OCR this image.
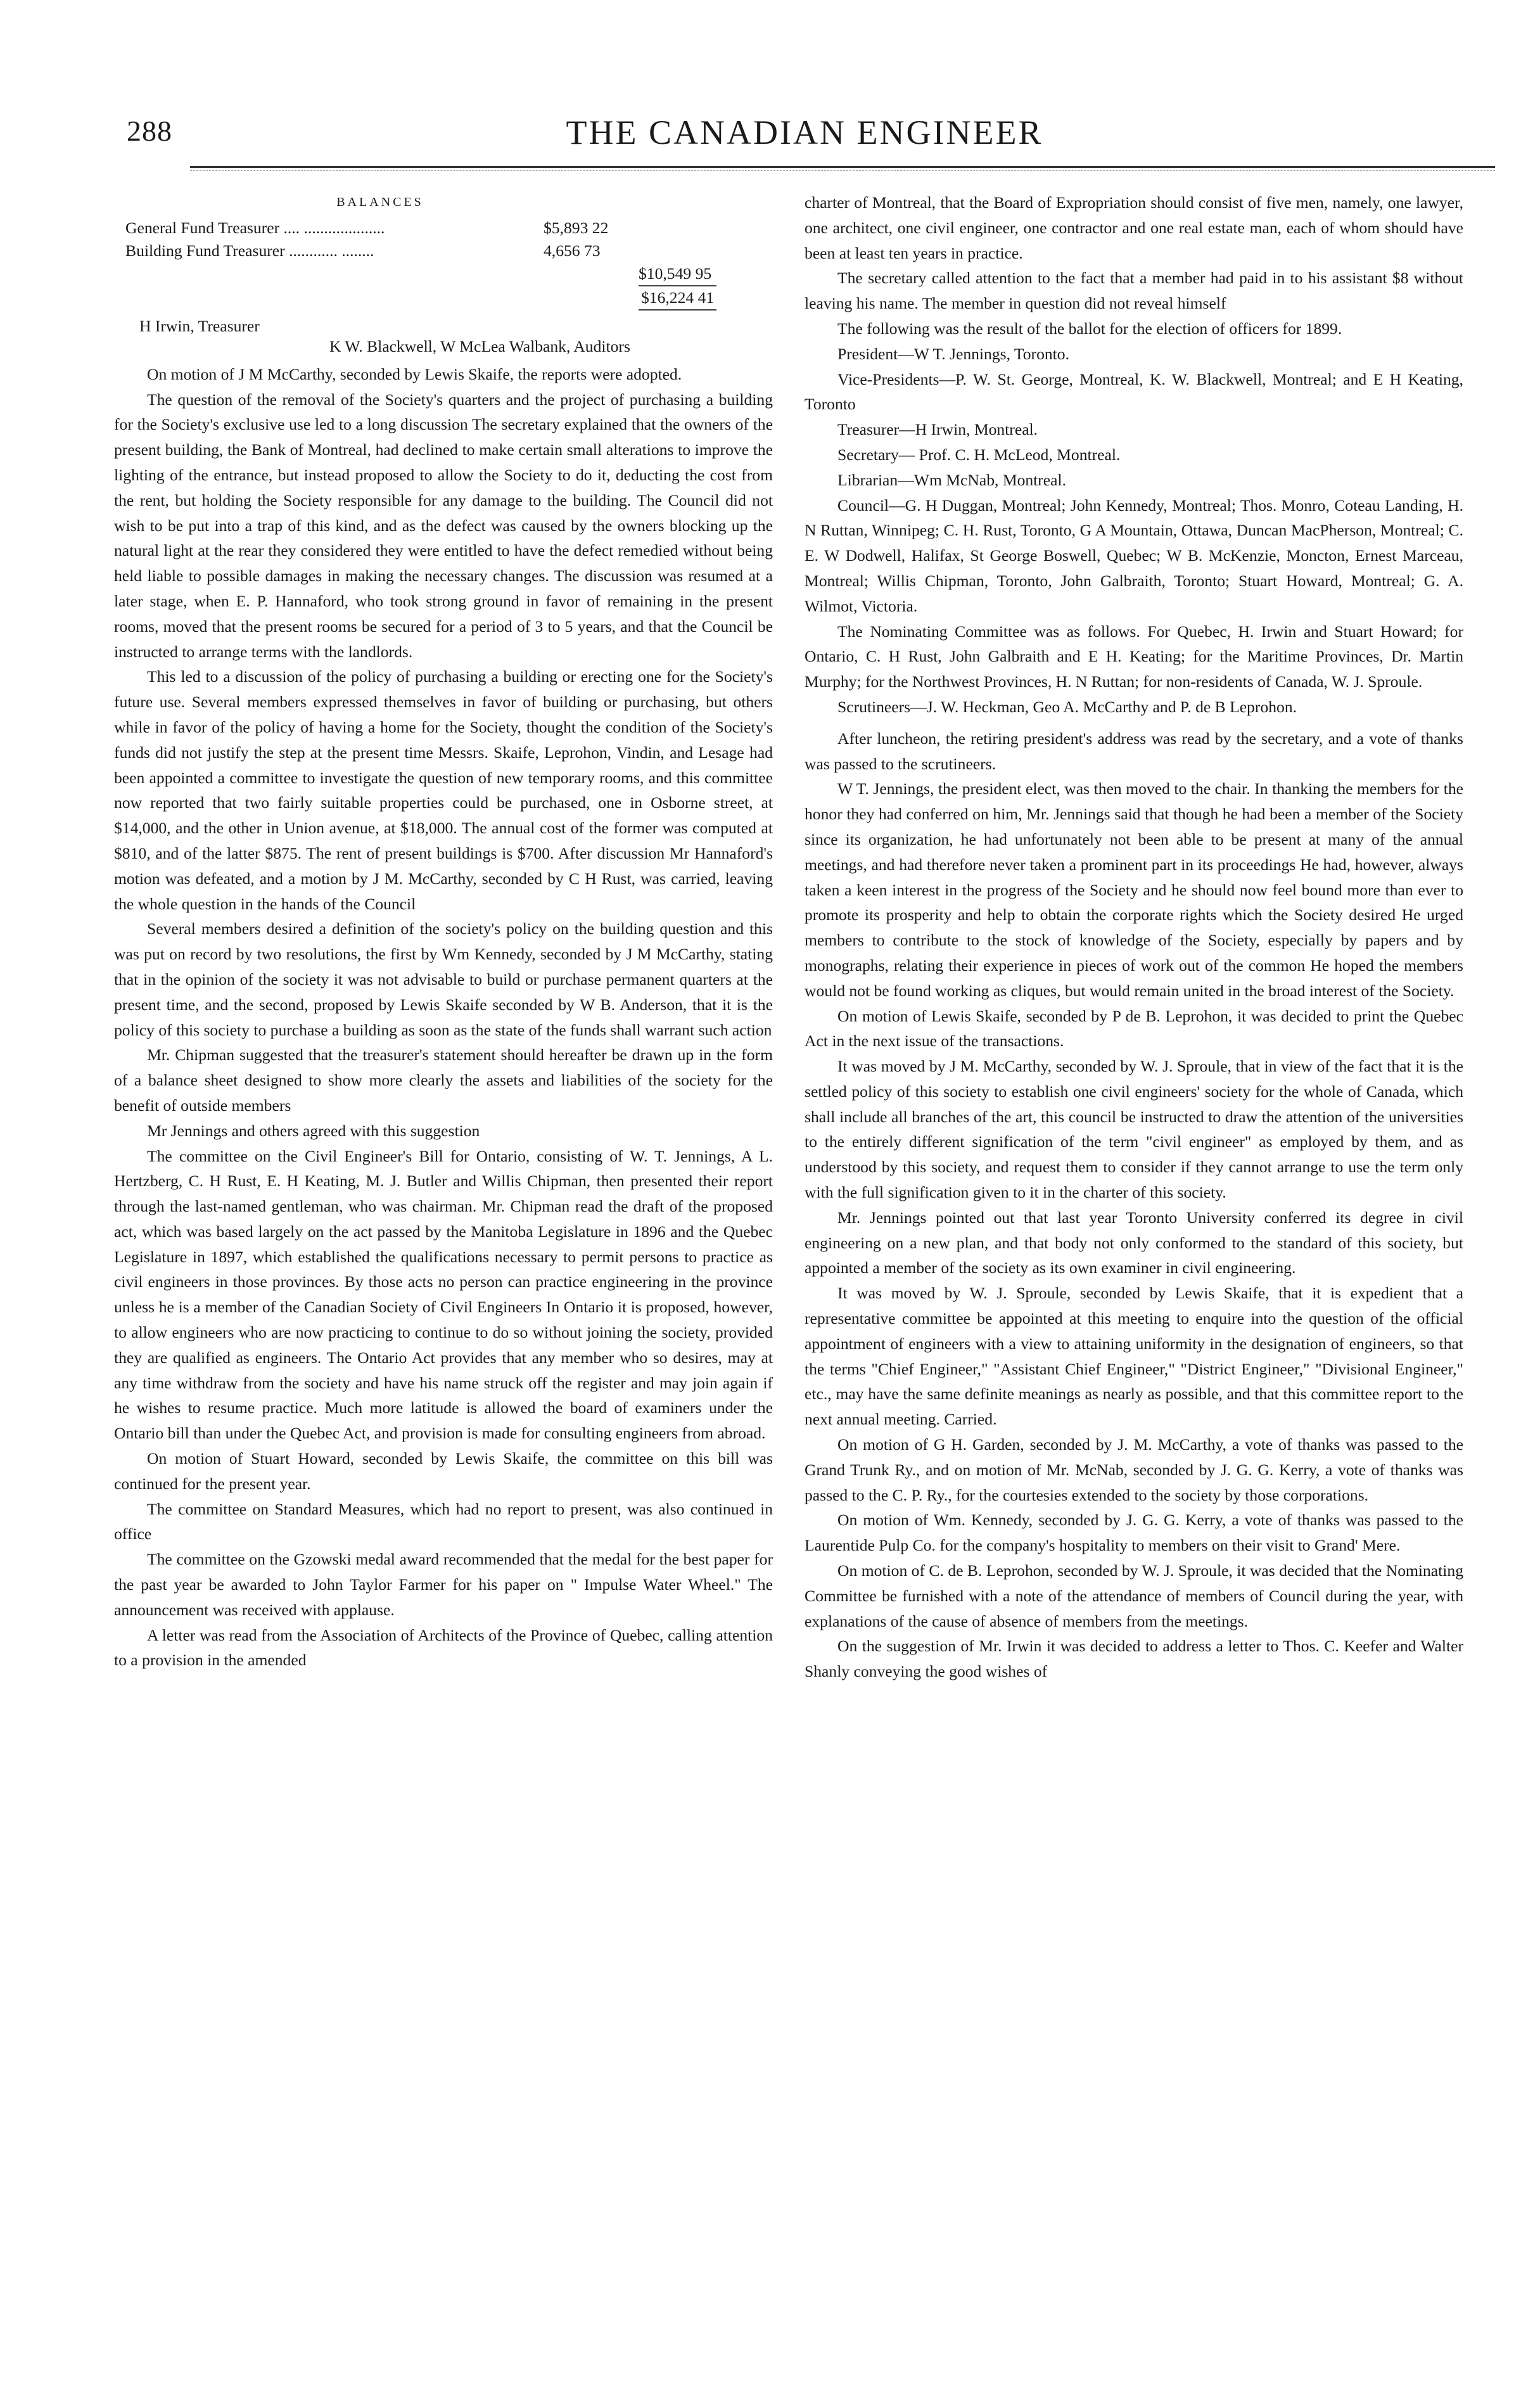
288	THE CANADIAN ENGINEER
BALANCES
General Fund Treasurer .... ....................	$5,893 22
Building Fund Treasurer ............ ........	4,656 73
$10,549 95
$16,224 41
H Irwin, Treasurer
K W. Blackwell, W McLea Walbank, Auditors

On motion of J M McCarthy, seconded by Lewis Skaife, the reports were adopted.

The question of the removal of the Society's quarters and the project of purchasing a building for the Society's exclusive use led to a long discussion The secretary explained that the owners of the present building, the Bank of Montreal, had declined to make certain small alterations to improve the lighting of the entrance, but instead proposed to allow the Society to do it, deducting the cost from the rent, but holding the Society responsible for any damage to the building. The Council did not wish to be put into a trap of this kind, and as the defect was caused by the owners blocking up the natural light at the rear they considered they were entitled to have the defect remedied without being held liable to possible damages in making the necessary changes. The discussion was resumed at a later stage, when E. P. Hannaford, who took strong ground in favor of remaining in the present rooms, moved that the present rooms be secured for a period of 3 to 5 years, and that the Council be instructed to arrange terms with the landlords.

This led to a discussion of the policy of purchasing a building or erecting one for the Society's future use. Several members expressed themselves in favor of building or purchasing, but others while in favor of the policy of having a home for the Society, thought the condition of the Society's funds did not justify the step at the present time Messrs. Skaife, Leprohon, Vindin, and Lesage had been appointed a committee to investigate the question of new temporary rooms, and this committee now reported that two fairly suitable properties could be purchased, one in Osborne street, at $14,000, and the other in Union avenue, at $18,000. The annual cost of the former was computed at $810, and of the latter $875. The rent of present buildings is $700. After discussion Mr Hannaford's motion was defeated, and a motion by J M. McCarthy, seconded by C H Rust, was carried, leaving the whole question in the hands of the Council

Several members desired a definition of the society's policy on the building question and this was put on record by two resolutions, the first by Wm Kennedy, seconded by J M McCarthy, stating that in the opinion of the society it was not advisable to build or purchase permanent quarters at the present time, and the second, proposed by Lewis Skaife seconded by W B. Anderson, that it is the policy of this society to purchase a building as soon as the state of the funds shall warrant such action

Mr. Chipman suggested that the treasurer's statement should hereafter be drawn up in the form of a balance sheet designed to show more clearly the assets and liabilities of the society for the benefit of outside members

Mr Jennings and others agreed with this suggestion

The committee on the Civil Engineer's Bill for Ontario, consisting of W. T. Jennings, A L. Hertzberg, C. H Rust, E. H Keating, M. J. Butler and Willis Chipman, then presented their report through the last-named gentleman, who was chairman. Mr. Chipman read the draft of the proposed act, which was based largely on the act passed by the Manitoba Legislature in 1896 and the Quebec Legislature in 1897, which established the qualifications necessary to permit persons to practice as civil engineers in those provinces. By those acts no person can practice engineering in the province unless he is a member of the Canadian Society of Civil Engineers In Ontario it is proposed, however, to allow engineers who are now practicing to continue to do so without joining the society, provided they are qualified as engineers. The Ontario Act provides that any member who so desires, may at any time withdraw from the society and have his name struck off the register and may join again if he wishes to resume practice. Much more latitude is allowed the board of examiners under the Ontario bill than under the Quebec Act, and provision is made for consulting engineers from abroad.

On motion of Stuart Howard, seconded by Lewis Skaife, the committee on this bill was continued for the present year.

The committee on Standard Measures, which had no report to present, was also continued in office

The committee on the Gzowski medal award recommended that the medal for the best paper for the past year be awarded to John Taylor Farmer for his paper on " Impulse Water Wheel." The announcement was received with applause.

A letter was read from the Association of Architects of the Province of Quebec, calling attention to a provision in the amended

charter of Montreal, that the Board of Expropriation should consist of five men, namely, one lawyer, one architect, one civil engineer, one contractor and one real estate man, each of whom should have been at least ten years in practice.

The secretary called attention to the fact that a member had paid in to his assistant $8 without leaving his name. The member in question did not reveal himself

The following was the result of the ballot for the election of officers for 1899.

President—W T. Jennings, Toronto.

Vice-Presidents—P. W. St. George, Montreal, K. W. Blackwell, Montreal; and E H Keating, Toronto

Treasurer—H Irwin, Montreal.

Secretary— Prof. C. H. McLeod, Montreal.

Librarian—Wm McNab, Montreal.

Council—G. H Duggan, Montreal; John Kennedy, Montreal; Thos. Monro, Coteau Landing, H. N Ruttan, Winnipeg; C. H. Rust, Toronto, G A Mountain, Ottawa, Duncan MacPherson, Montreal; C. E. W Dodwell, Halifax, St George Boswell, Quebec; W B. McKenzie, Moncton, Ernest Marceau, Montreal; Willis Chipman, Toronto, John Galbraith, Toronto; Stuart Howard, Montreal; G. A. Wilmot, Victoria.

The Nominating Committee was as follows. For Quebec, H. Irwin and Stuart Howard; for Ontario, C. H Rust, John Galbraith and E H. Keating; for the Maritime Provinces, Dr. Martin Murphy; for the Northwest Provinces, H. N Ruttan; for non-residents of Canada, W. J. Sproule.

Scrutineers—J. W. Heckman, Geo A. McCarthy and P. de B Leprohon.

After luncheon, the retiring president's address was read by the secretary, and a vote of thanks was passed to the scrutineers.

W T. Jennings, the president elect, was then moved to the chair. In thanking the members for the honor they had conferred on him, Mr. Jennings said that though he had been a member of the Society since its organization, he had unfortunately not been able to be present at many of the annual meetings, and had therefore never taken a prominent part in its proceedings He had, however, always taken a keen interest in the progress of the Society and he should now feel bound more than ever to promote its prosperity and help to obtain the corporate rights which the Society desired He urged members to contribute to the stock of knowledge of the Society, especially by papers and by monographs, relating their experience in pieces of work out of the common He hoped the members would not be found working as cliques, but would remain united in the broad interest of the Society.

On motion of Lewis Skaife, seconded by P de B. Leprohon, it was decided to print the Quebec Act in the next issue of the transactions.

It was moved by J M. McCarthy, seconded by W. J. Sproule, that in view of the fact that it is the settled policy of this society to establish one civil engineers' society for the whole of Canada, which shall include all branches of the art, this council be instructed to draw the attention of the universities to the entirely different signification of the term "civil engineer" as employed by them, and as understood by this society, and request them to consider if they cannot arrange to use the term only with the full signification given to it in the charter of this society.

Mr. Jennings pointed out that last year Toronto University conferred its degree in civil engineering on a new plan, and that body not only conformed to the standard of this society, but appointed a member of the society as its own examiner in civil engineering.

It was moved by W. J. Sproule, seconded by Lewis Skaife, that it is expedient that a representative committee be appointed at this meeting to enquire into the question of the official appointment of engineers with a view to attaining uniformity in the designation of engineers, so that the terms "Chief Engineer," "Assistant Chief Engineer," "District Engineer," "Divisional Engineer," etc., may have the same definite meanings as nearly as possible, and that this committee report to the next annual meeting. Carried.

On motion of G H. Garden, seconded by J. M. McCarthy, a vote of thanks was passed to the Grand Trunk Ry., and on motion of Mr. McNab, seconded by J. G. G. Kerry, a vote of thanks was passed to the C. P. Ry., for the courtesies extended to the society by those corporations.

On motion of Wm. Kennedy, seconded by J. G. G. Kerry, a vote of thanks was passed to the Laurentide Pulp Co. for the company's hospitality to members on their visit to Grand' Mere.

On motion of C. de B. Leprohon, seconded by W. J. Sproule, it was decided that the Nominating Committee be furnished with a note of the attendance of members of Council during the year, with explanations of the cause of absence of members from the meetings.

On the suggestion of Mr. Irwin it was decided to address a letter to Thos. C. Keefer and Walter Shanly conveying the good wishes of
